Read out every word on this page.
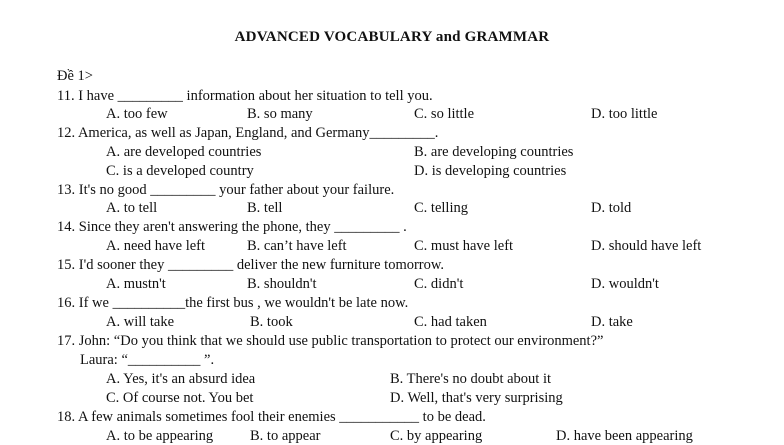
ADVANCED VOCABULARY and GRAMMAR
Đề 1>
11. I have _________ information about her situation to tell you.
A. too few	B. so many	C. so little	D. too little
12. America, as well as Japan, England, and Germany_________.
A. are developed countries	B. are developing countries
C. is a developed country	D. is developing countries
13. It's no good _________ your father about your failure.
A. to tell	B. tell	C. telling	D. told
14. Since they aren't answering the phone, they _________ .
A. need have left	B. can’t have left	C. must have left	D. should have left
15. I'd sooner they _________ deliver the new furniture tomorrow.
A. mustn't	B. shouldn't	C. didn't	D. wouldn't
16. If we __________the first bus , we wouldn't be late now.
A. will take	B. took	C. had taken	D. take
17. John: “Do you think that we should use public transportation to protect our environment?”
Laura: “__________ ”.
A. Yes, it's an absurd idea	B. There's no doubt about it
C. Of course not. You bet	D. Well, that's very surprising
18. A few animals sometimes fool their enemies ___________ to be dead.
A. to be appearing	B. to appear	C. by appearing	D. have been appearing
